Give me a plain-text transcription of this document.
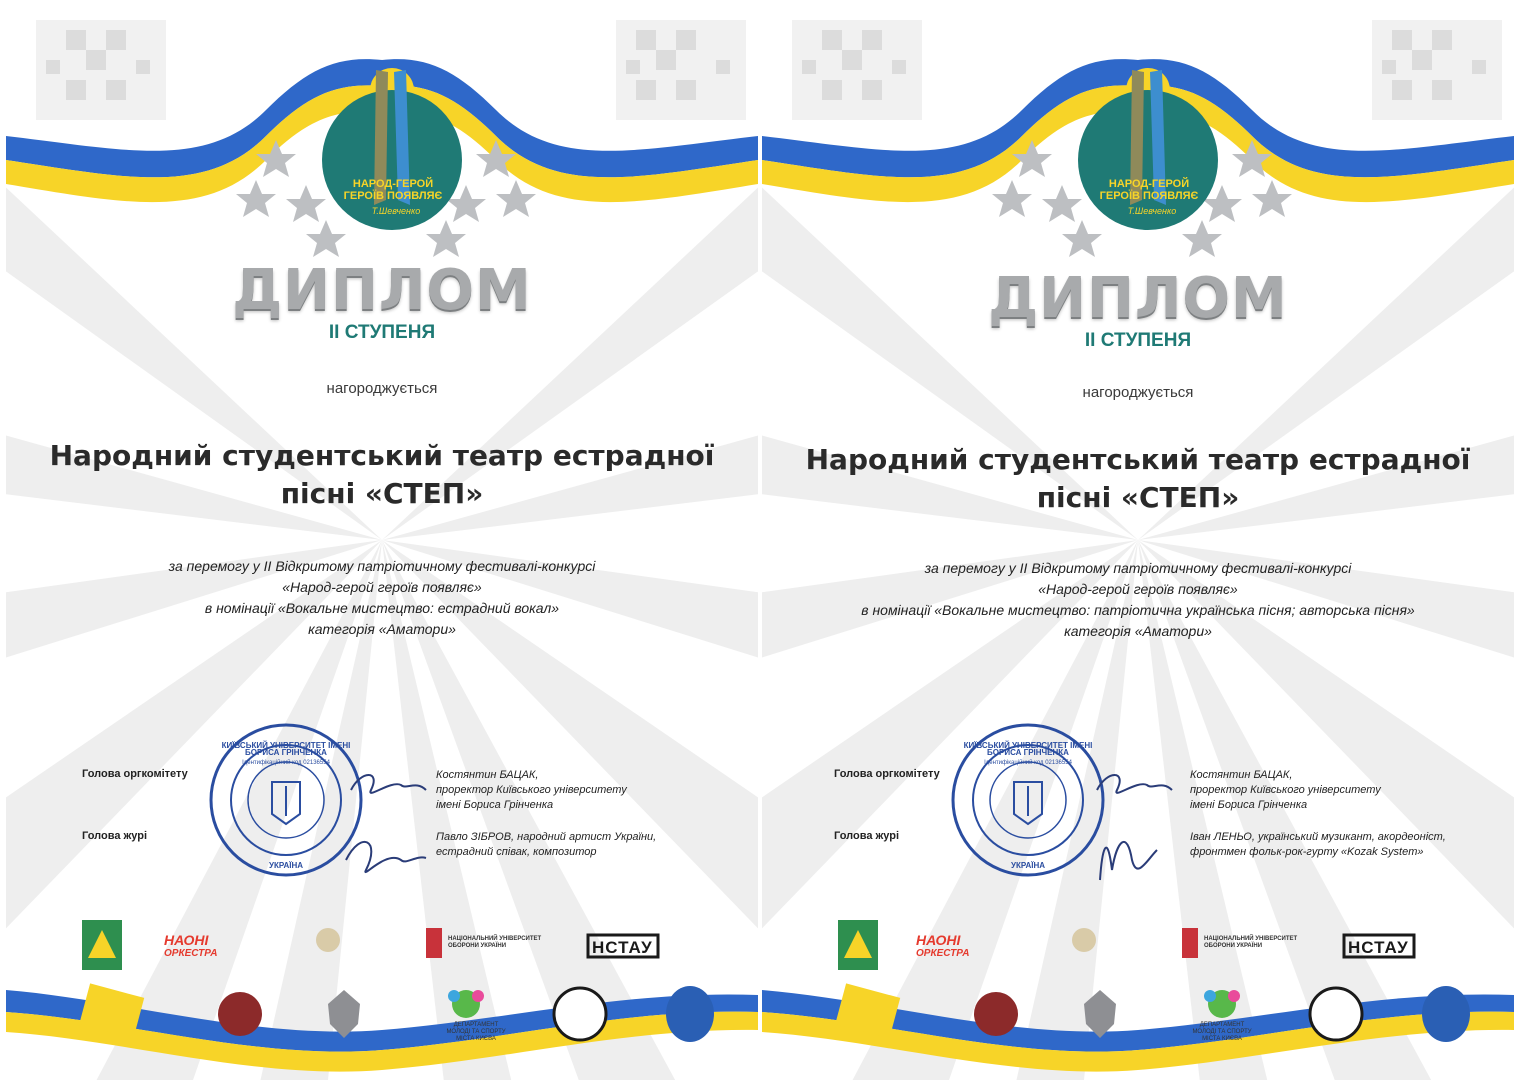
НАРОД-ГЕРОЙ ГЕРОЇВ ПОЯВЛЯЄ
Т.Шевченко
ДИПЛОМ
ІІ СТУПЕНЯ
нагороджується
Народний студентський театр естрадної
пісні «СТЕП»
за перемогу у ІІ Відкритому патріотичному фестивалі-конкурсі
«Народ-герой героїв появляє»
в номінації «Вокальне мистецтво: естрадний вокал»
категорія «Аматори»
КИЇВСЬКИЙ УНІВЕРСИТЕТ ІМЕНІ БОРИСА ГРІНЧЕНКА
Ідентифікаційний код 02136554
УКРАЇНА
Голова оргкомітету	Костянтин БАЦАК,
проректор Київського університету
імені Бориса Грінченка
Голова журі	Павло ЗІБРОВ, народний артист України,
естрадний співак, композитор
НАОНІ
ОРКЕСТРА
НАЦІОНАЛЬНИЙ УНІВЕРСИТЕТ
ОБОРОНИ УКРАЇНИ	НСТАУ
ДЕПАРТАМЕНТ
МОЛОДІ ТА СПОРТУ
МІСТА КИЄВА
НАРОД-ГЕРОЙ ГЕРОЇВ ПОЯВЛЯЄ
Т.Шевченко
ДИПЛОМ
ІІ СТУПЕНЯ
нагороджується
Народний студентський театр естрадної
пісні «СТЕП»
за перемогу у ІІ Відкритому патріотичному фестивалі-конкурсі
«Народ-герой героїв появляє»
в номінації «Вокальне мистецтво: патріотична українська пісня; авторська пісня»
категорія «Аматори»
КИЇВСЬКИЙ УНІВЕРСИТЕТ ІМЕНІ БОРИСА ГРІНЧЕНКА
Ідентифікаційний код 02136554
УКРАЇНА
Голова оргкомітету	Костянтин БАЦАК,
проректор Київського університету
імені Бориса Грінченка
Голова журі	Іван ЛЕНЬО, український музикант, акордеоніст,
фронтмен фольк-рок-гурту «Kozak System»
НАОНІ
ОРКЕСТРА
НАЦІОНАЛЬНИЙ УНІВЕРСИТЕТ
ОБОРОНИ УКРАЇНИ	НСТАУ
ДЕПАРТАМЕНТ
МОЛОДІ ТА СПОРТУ
МІСТА КИЄВА
